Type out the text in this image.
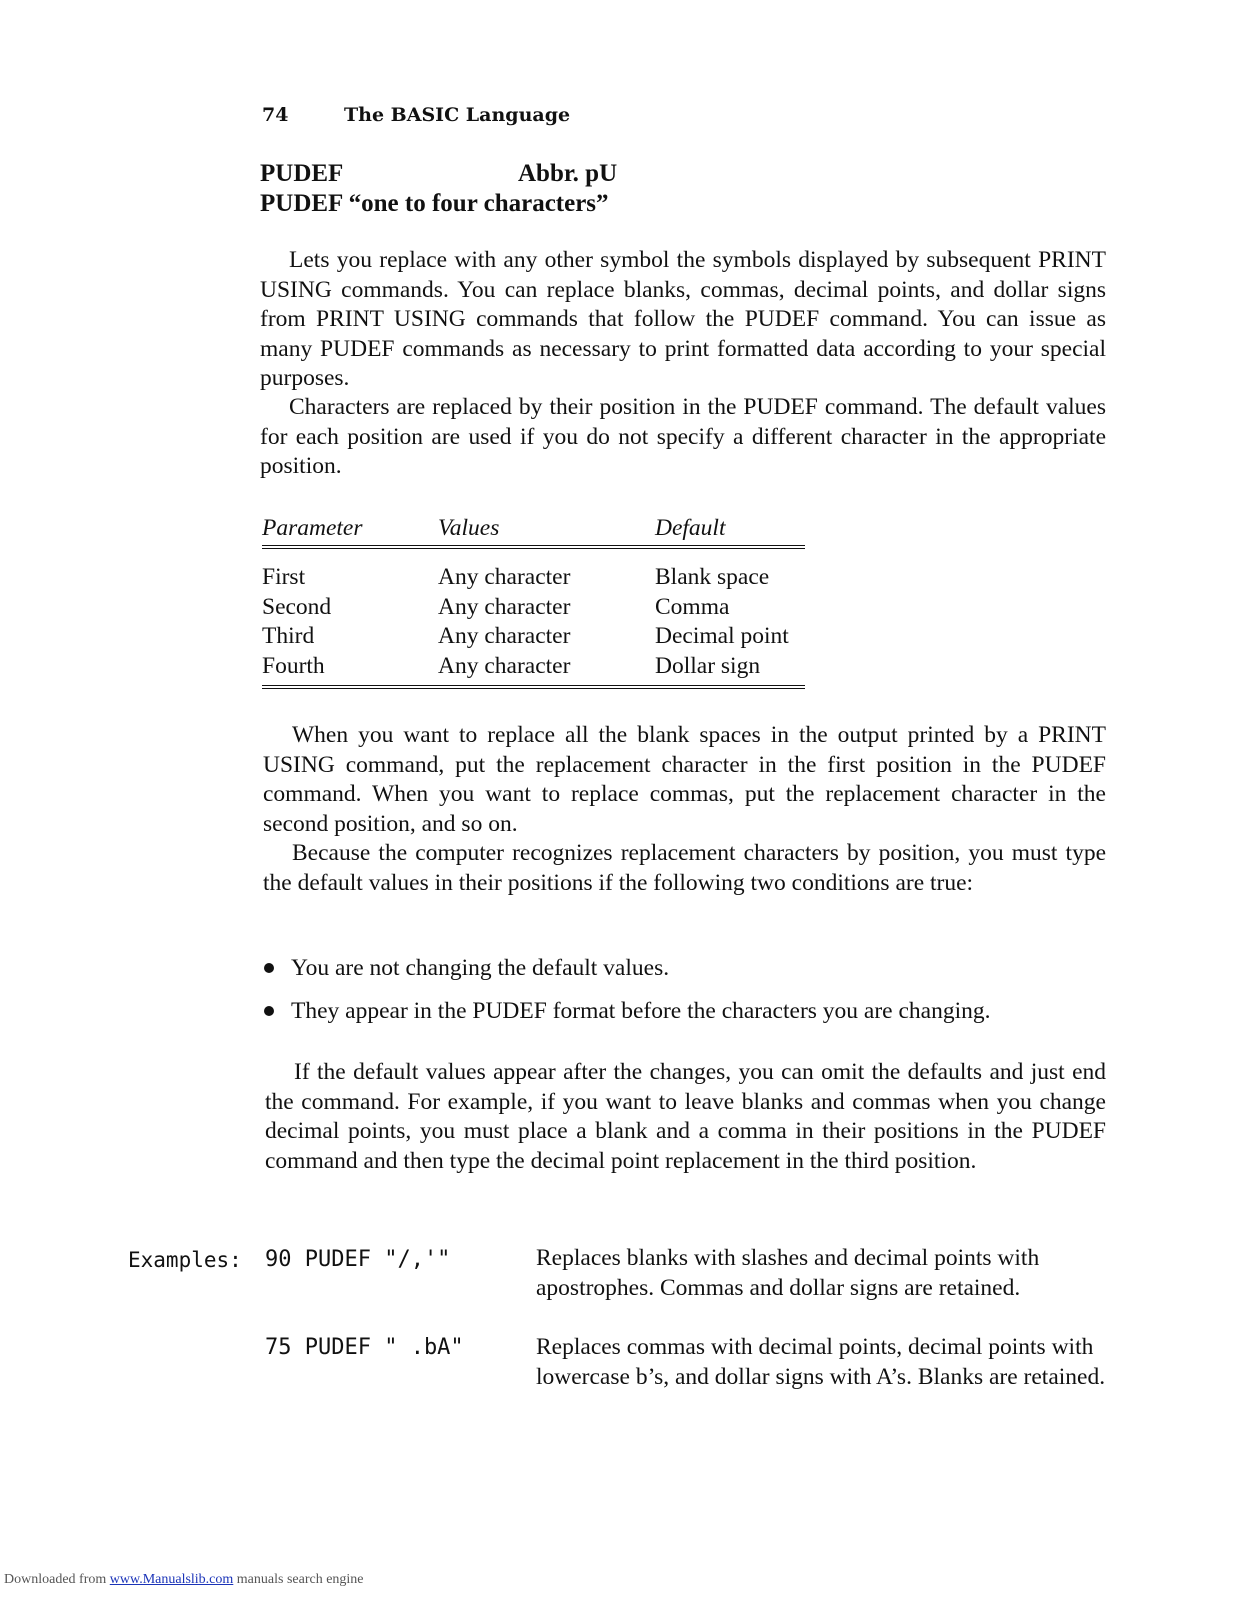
74	The BASIC Language
PUDEF	Abbr. pU
PUDEF “one to four characters”

Lets you replace with any other symbol the symbols displayed by subsequent PRINT USING commands. You can replace blanks, commas, decimal points, and dollar signs from PRINT USING commands that follow the PUDEF command. You can issue as many PUDEF commands as necessary to print formatted data according to your special purposes.

Characters are replaced by their position in the PUDEF command. The default values for each position are used if you do not specify a different character in the appropriate position.

Parameter	Values	Default
First	Any character	Blank space
Second	Any character	Comma
Third	Any character	Decimal point
Fourth	Any character	Dollar sign

When you want to replace all the blank spaces in the output printed by a PRINT USING command, put the replacement character in the first position in the PUDEF command. When you want to replace commas, put the replacement character in the second position, and so on.

Because the computer recognizes replacement characters by position, you must type the default values in their positions if the following two conditions are true:

You are not changing the default values.
They appear in the PUDEF format before the characters you are changing.

If the default values appear after the changes, you can omit the defaults and just end the command. For example, if you want to leave blanks and commas when you change decimal points, you must place a blank and a comma in their positions in the PUDEF command and then type the decimal point replacement in the third position.

Examples: 90 PUDEF "/,'"	Replaces blanks with slashes and decimal points with apostrophes. Commas and dollar signs are retained.

75 PUDEF " .bA"	Replaces commas with decimal points, decimal points with lowercase b’s, and dollar signs with A’s. Blanks are retained.

Downloaded from www.Manualslib.com manuals search engine
